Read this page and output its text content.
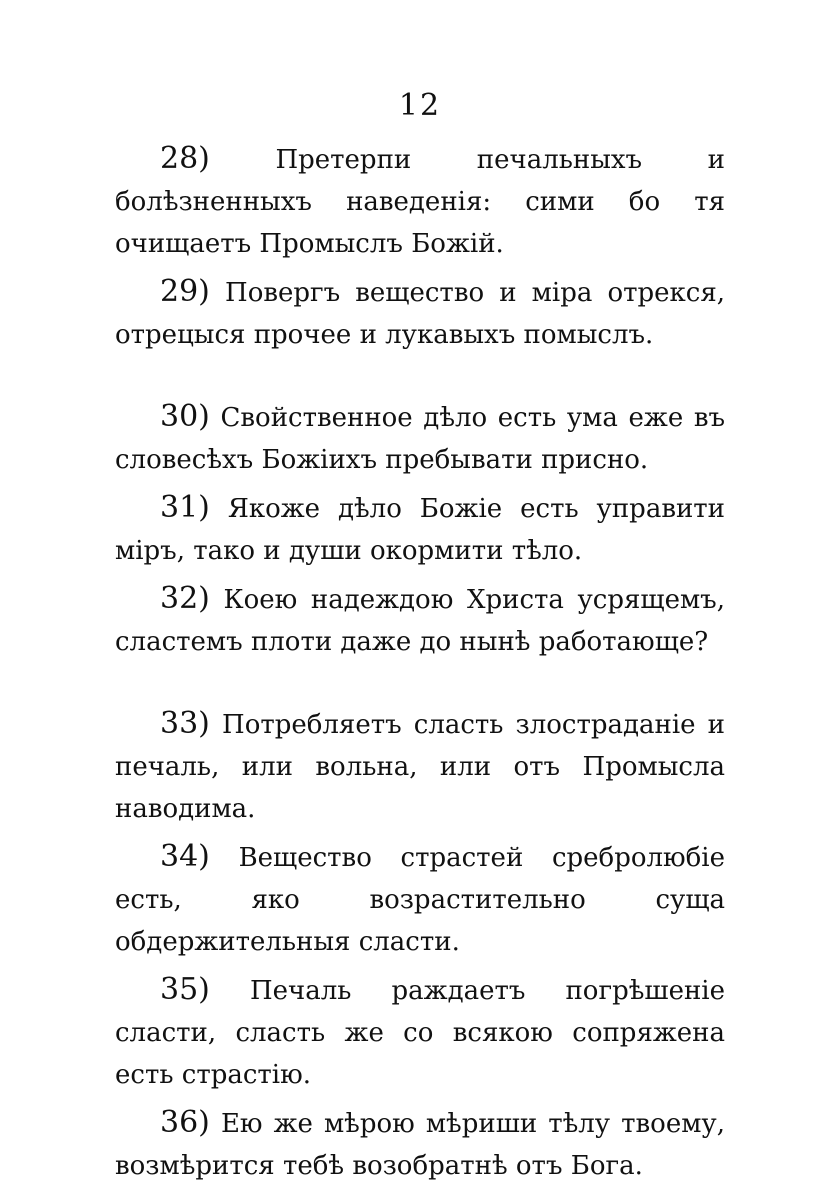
12

28)	Претерпи печальныхъ и болѣзненныхъ наведенія: сими бо тя очищаетъ Промыслъ Божій.

29) Повергъ вещество и міра отрекся, отрецыся прочее и лукавыхъ помыслъ.

30) Свойственное дѣло есть ума еже въ словесѣхъ Божіихъ пребывати присно.

31) Якоже дѣло Божіе есть управити міръ, тако и души окормити тѣло.

32) Коею надеждою Христа усрящемъ, сластемъ плоти даже до нынѣ работающе?

33) Потребляетъ сласть злостраданіе и печаль, или вольна, или отъ Промысла наводима.

34) Вещество страстей сребролюбіе есть, яко возрастительно суща обдержительныя сласти.

35) Печаль раждаетъ погрѣшеніе сласти, сласть же со всякою сопряжена есть страстію.

36) Ею же мѣрою мѣриши тѣлу твоему, возмѣрится тебѣ возобратнѣ отъ Бога.
